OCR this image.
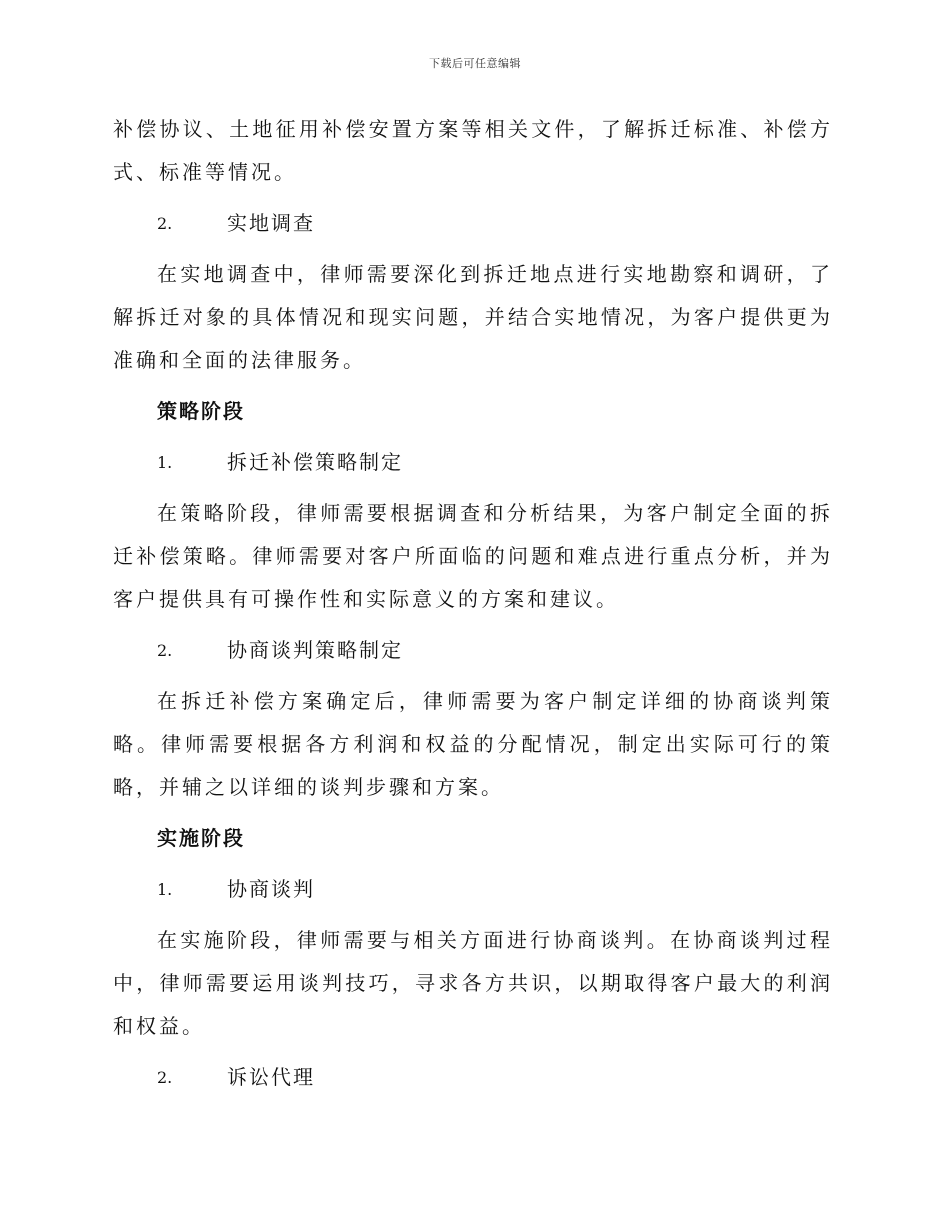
下载后可任意编辑

补偿协议、土地征用补偿安置方案等相关文件，了解拆迁标准、补偿方式、标准等情况。

2.	实地调查

在实地调查中，律师需要深化到拆迁地点进行实地勘察和调研，了解拆迁对象的具体情况和现实问题，并结合实地情况，为客户提供更为准确和全面的法律服务。

策略阶段
1.	拆迁补偿策略制定

在策略阶段，律师需要根据调查和分析结果，为客户制定全面的拆迁补偿策略。律师需要对客户所面临的问题和难点进行重点分析，并为客户提供具有可操作性和实际意义的方案和建议。

2.	协商谈判策略制定

在拆迁补偿方案确定后，律师需要为客户制定详细的协商谈判策略。律师需要根据各方利润和权益的分配情况，制定出实际可行的策略，并辅之以详细的谈判步骤和方案。

实施阶段
1.	协商谈判

在实施阶段，律师需要与相关方面进行协商谈判。在协商谈判过程中，律师需要运用谈判技巧，寻求各方共识，以期取得客户最大的利润和权益。

2.	诉讼代理
